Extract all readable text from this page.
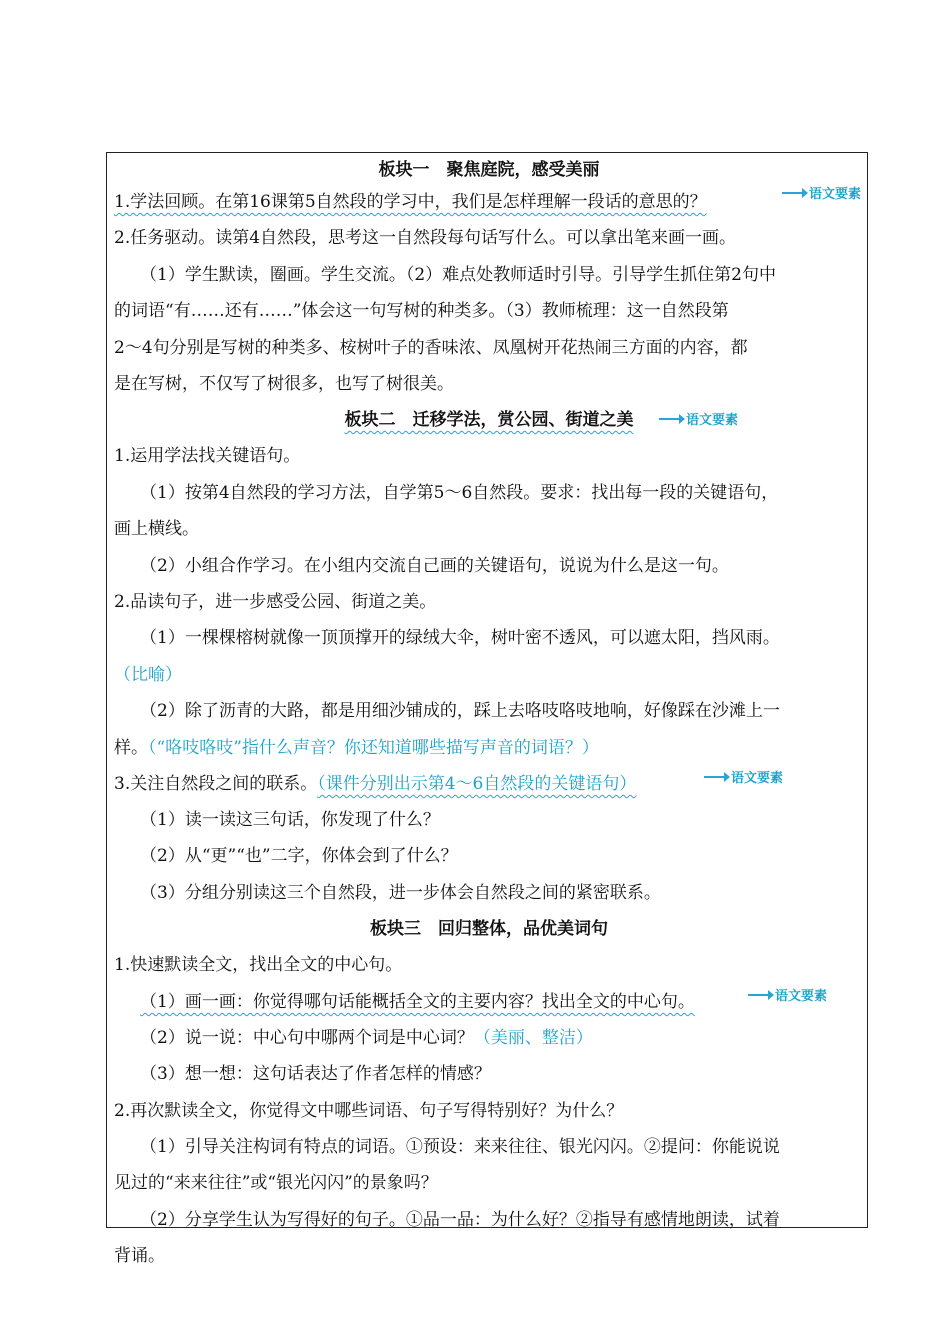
板块一　聚焦庭院，感受美丽
1.学法回顾。在第16课第5自然段的学习中，我们是怎样理解一段话的意思的？	语文要素
2.任务驱动。读第4自然段，思考这一自然段每句话写什么。可以拿出笔来画一画。
（1）学生默读，圈画。学生交流。（2）难点处教师适时引导。引导学生抓住第2句中
的词语“有……还有……”体会这一句写树的种类多。（3）教师梳理：这一自然段第
2～4句分别是写树的种类多、桉树叶子的香味浓、凤凰树开花热闹三方面的内容，都
是在写树，不仅写了树很多，也写了树很美。
板块二　迁移学法，赏公园、街道之美	语文要素
1.运用学法找关键语句。
（1）按第4自然段的学习方法，自学第5～6自然段。要求：找出每一段的关键语句，
画上横线。
（2）小组合作学习。在小组内交流自己画的关键语句，说说为什么是这一句。
2.品读句子，进一步感受公园、街道之美。
（1）一棵棵榕树就像一顶顶撑开的绿绒大伞，树叶密不透风，可以遮太阳，挡风雨。
（比喻）
（2）除了沥青的大路，都是用细沙铺成的，踩上去咯吱咯吱地响，好像踩在沙滩上一
样。（“咯吱咯吱”指什么声音？你还知道哪些描写声音的词语？）
3.关注自然段之间的联系。（课件分别出示第4～6自然段的关键语句）	语文要素
（1）读一读这三句话，你发现了什么？
（2）从“更”“也”二字，你体会到了什么？
（3）分组分别读这三个自然段，进一步体会自然段之间的紧密联系。
板块三　回归整体，品优美词句
1.快速默读全文，找出全文的中心句。
（1）画一画：你觉得哪句话能概括全文的主要内容？找出全文的中心句。	语文要素
（2）说一说：中心句中哪两个词是中心词？（美丽、整洁）
（3）想一想：这句话表达了作者怎样的情感？
2.再次默读全文，你觉得文中哪些词语、句子写得特别好？为什么？
（1）引导关注构词有特点的词语。①预设：来来往往、银光闪闪。②提问：你能说说
见过的“来来往往”或“银光闪闪”的景象吗？
（2）分享学生认为写得好的句子。①品一品：为什么好？②指导有感情地朗读，试着
背诵。
